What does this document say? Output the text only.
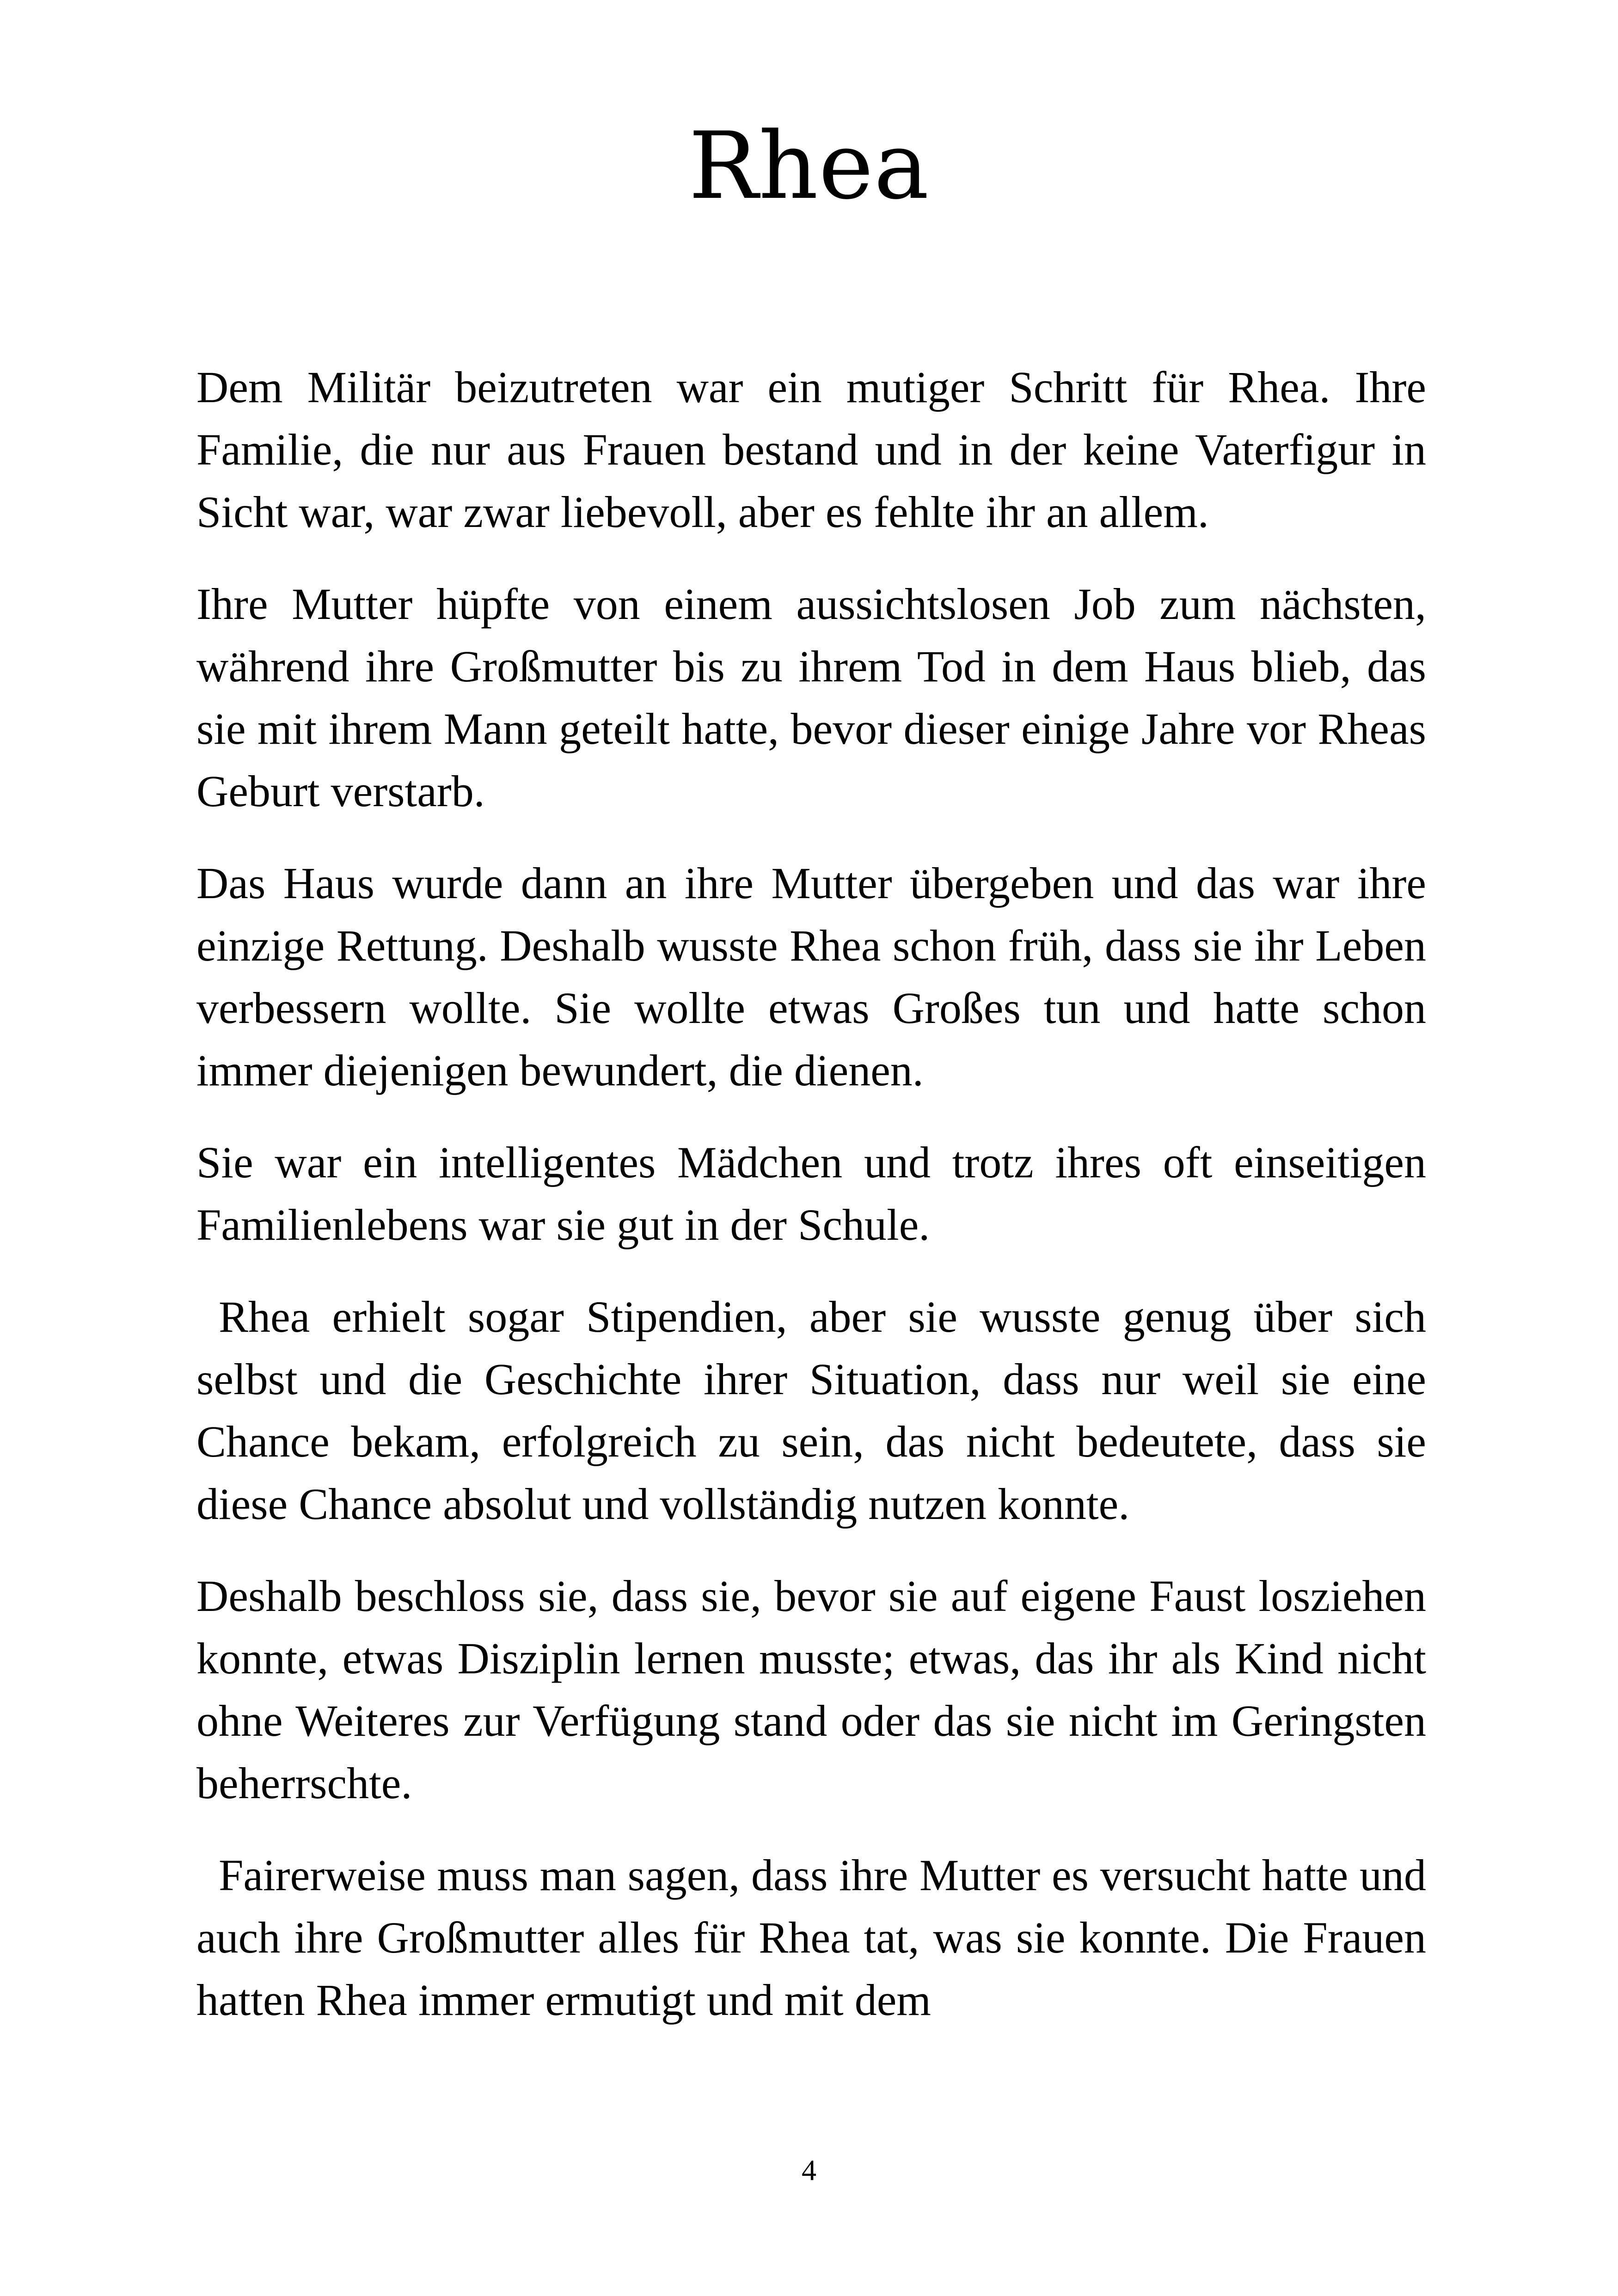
Rhea

Dem Militär beizutreten war ein mutiger Schritt für Rhea. Ihre Familie, die nur aus Frauen bestand und in der keine Vaterfigur in Sicht war, war zwar liebevoll, aber es fehlte ihr an allem.

Ihre Mutter hüpfte von einem aussichtslosen Job zum nächsten, während ihre Großmutter bis zu ihrem Tod in dem Haus blieb, das sie mit ihrem Mann geteilt hatte, bevor dieser einige Jahre vor Rheas Geburt verstarb.

Das Haus wurde dann an ihre Mutter übergeben und das war ihre einzige Rettung. Deshalb wusste Rhea schon früh, dass sie ihr Leben verbessern wollte. Sie wollte etwas Großes tun und hatte schon immer diejenigen bewundert, die dienen.

Sie war ein intelligentes Mädchen und trotz ihres oft einseitigen Familienlebens war sie gut in der Schule.

Rhea erhielt sogar Stipendien, aber sie wusste genug über sich selbst und die Geschichte ihrer Situation, dass nur weil sie eine Chance bekam, erfolgreich zu sein, das nicht bedeutete, dass sie diese Chance absolut und vollständig nutzen konnte.

Deshalb beschloss sie, dass sie, bevor sie auf eigene Faust losziehen konnte, etwas Disziplin lernen musste; etwas, das ihr als Kind nicht ohne Weiteres zur Verfügung stand oder das sie nicht im Geringsten beherrschte.

Fairerweise muss man sagen, dass ihre Mutter es versucht hatte und auch ihre Großmutter alles für Rhea tat, was sie konnte. Die Frauen hatten Rhea immer ermutigt und mit dem

4
